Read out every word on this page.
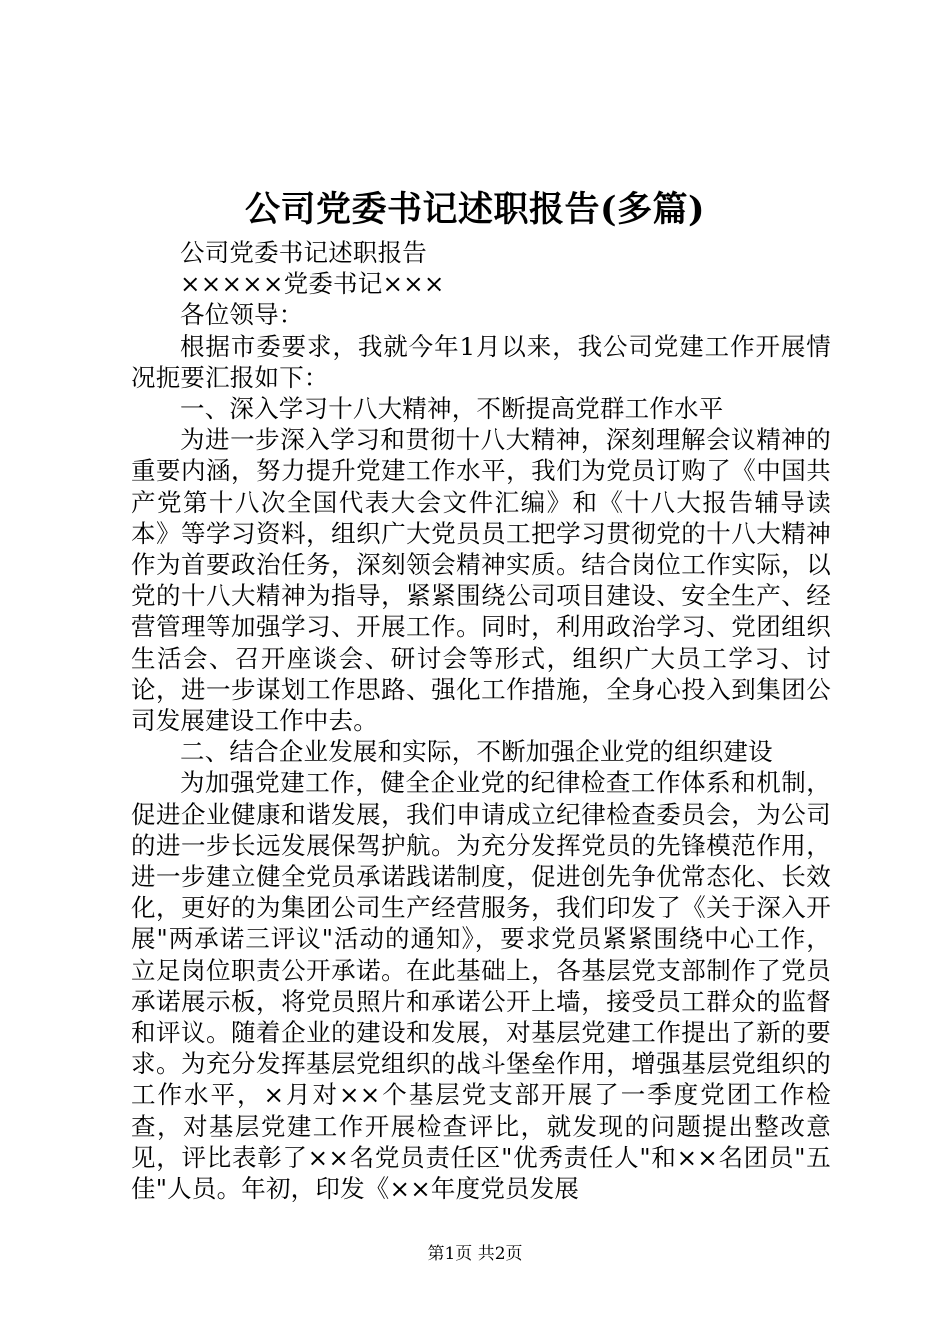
公司党委书记述职报告(多篇)

公司党委书记述职报告

×××××党委书记×××

各位领导：

根据市委要求，我就今年1月以来，我公司党建工作开展情况扼要汇报如下：

一、深入学习十八大精神，不断提高党群工作水平

为进一步深入学习和贯彻十八大精神，深刻理解会议精神的重要内涵，努力提升党建工作水平，我们为党员订购了《中国共产党第十八次全国代表大会文件汇编》和《十八大报告辅导读本》等学习资料，组织广大党员员工把学习贯彻党的十八大精神作为首要政治任务，深刻领会精神实质。结合岗位工作实际，以党的十八大精神为指导，紧紧围绕公司项目建设、安全生产、经营管理等加强学习、开展工作。同时，利用政治学习、党团组织生活会、召开座谈会、研讨会等形式，组织广大员工学习、讨论，进一步谋划工作思路、强化工作措施，全身心投入到集团公司发展建设工作中去。

二、结合企业发展和实际，不断加强企业党的组织建设

为加强党建工作，健全企业党的纪律检查工作体系和机制，促进企业健康和谐发展，我们申请成立纪律检查委员会，为公司的进一步长远发展保驾护航。为充分发挥党员的先锋模范作用，进一步建立健全党员承诺践诺制度，促进创先争优常态化、长效化，更好的为集团公司生产经营服务，我们印发了《关于深入开展"两承诺三评议"活动的通知》，要求党员紧紧围绕中心工作，立足岗位职责公开承诺。在此基础上，各基层党支部制作了党员承诺展示板，将党员照片和承诺公开上墙，接受员工群众的监督和评议。随着企业的建设和发展，对基层党建工作提出了新的要求。为充分发挥基层党组织的战斗堡垒作用，增强基层党组织的工作水平，×月对××个基层党支部开展了一季度党团工作检查，对基层党建工作开展检查评比，就发现的问题提出整改意见，评比表彰了××名党员责任区"优秀责任人"和××名团员"五佳"人员。年初，印发《××年度党员发展

第1页 共2页
